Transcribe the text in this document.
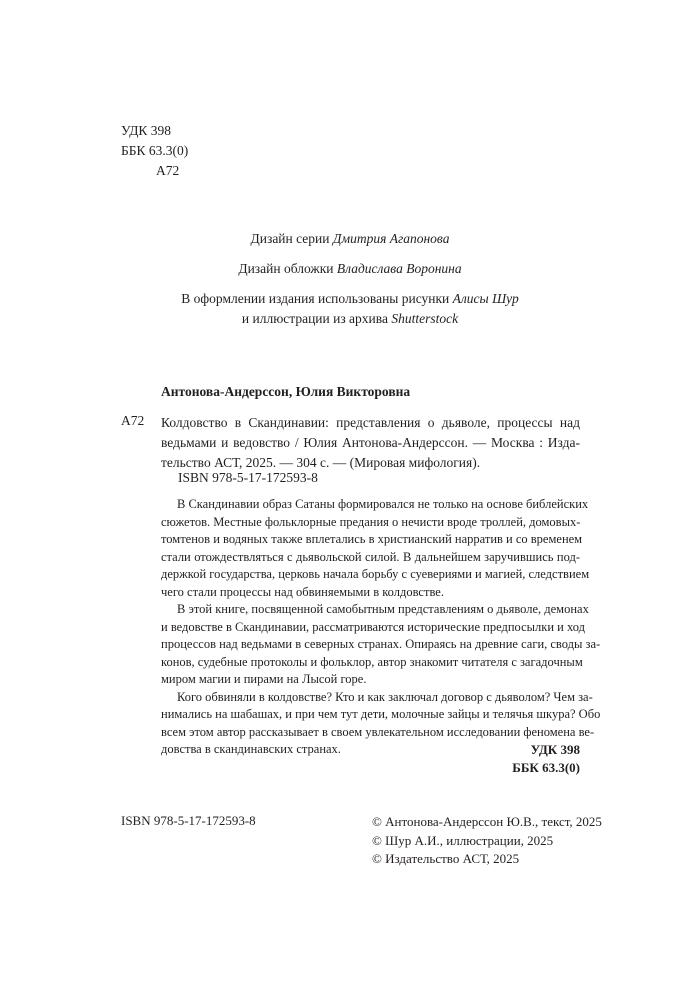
УДК 398
ББК 63.3(0)
А72
Дизайн серии Дмитрия Агапонова
Дизайн обложки Владислава Воронина
В оформлении издания использованы рисунки Алисы Шур
и иллюстрации из архива Shutterstock
Антонова-Андерссон, Юлия Викторовна
А72 Колдовство в Скандинавии: представления о дьяволе, процессы над
ведьмами и ведовство / Юлия Антонова-Андерссон. — Москва : Изда-
тельство АСТ, 2025. — 304 с. — (Мировая мифология).
ISBN 978-5-17-172593-8
В Скандинавии образ Сатаны формировался не только на основе библейских
сюжетов. Местные фольклорные предания о нечисти вроде троллей, домовых-
томтенов и водяных также вплетались в христианский нарратив и со временем
стали отождествляться с дьявольской силой. В дальнейшем заручившись под-
держкой государства, церковь начала борьбу с суевериями и магией, следствием
чего стали процессы над обвиняемыми в колдовстве.
В этой книге, посвященной самобытным представлениям о дьяволе, демонах
и ведовстве в Скандинавии, рассматриваются исторические предпосылки и ход
процессов над ведьмами в северных странах. Опираясь на древние саги, своды за-
конов, судебные протоколы и фольклор, автор знакомит читателя с загадочным
миром магии и пирами на Лысой горе.
Кого обвиняли в колдовстве? Кто и как заключал договор с дьяволом? Чем за-
нимались на шабашах, и при чем тут дети, молочные зайцы и телячья шкура? Обо
всем этом автор рассказывает в своем увлекательном исследовании феномена ве-
довства в скандинавских странах.	УДК 398
ББК 63.3(0)
ISBN 978-5-17-172593-8	© Антонова-Андерссон Ю.В., текст, 2025
© Шур А.И., иллюстрации, 2025
© Издательство АСТ, 2025
